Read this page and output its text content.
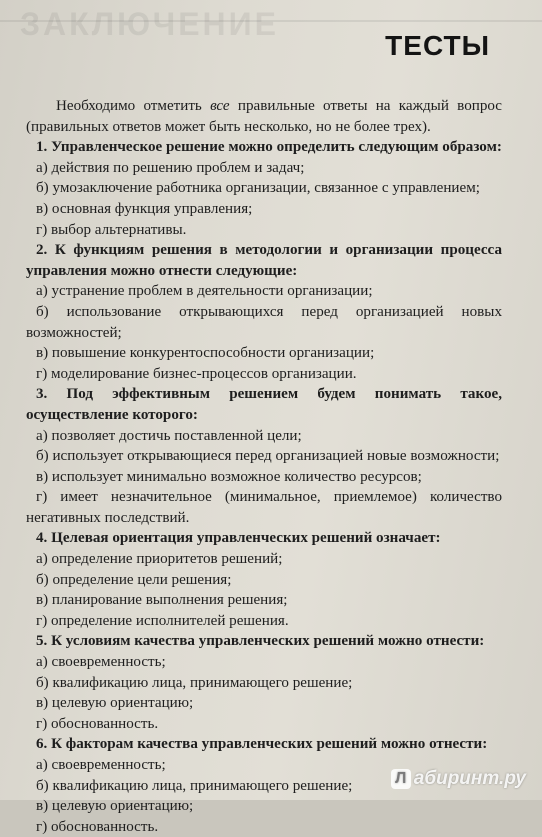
ЗАКЛЮЧЕНИЕ
ТЕСТЫ

Необходимо отметить все правильные ответы на каждый вопрос (правильных ответов может быть несколько, но не более трех).

1. Управленческое решение можно определить следующим образом:

а) действия по решению проблем и задач;

б) умозаключение работника организации, связанное с управлением;

в) основная функция управления;

г) выбор альтернативы.

2. К функциям решения в методологии и организации процесса управления можно отнести следующие:

а) устранение проблем в деятельности организации;

б) использование открывающихся перед организацией новых возможностей;

в) повышение конкурентоспособности организации;

г) моделирование бизнес-процессов организации.

3. Под эффективным решением будем понимать такое, осуществление которого:

а) позволяет достичь поставленной цели;

б) использует открывающиеся перед организацией новые возможности;

в) использует минимально возможное количество ресурсов;

г) имеет незначительное (минимальное, приемлемое) количество негативных последствий.

4. Целевая ориентация управленческих решений означает:

а) определение приоритетов решений;

б) определение цели решения;

в) планирование выполнения решения;

г) определение исполнителей решения.

5. К условиям качества управленческих решений можно отнести:

а) своевременность;

б) квалификацию лица, принимающего решение;

в) целевую ориентацию;

г) обоснованность.

6. К факторам качества управленческих решений можно отнести:

а) своевременность;

б) квалификацию лица, принимающего решение;

в) целевую ориентацию;

г) обоснованность.

Л абиринт.ру
